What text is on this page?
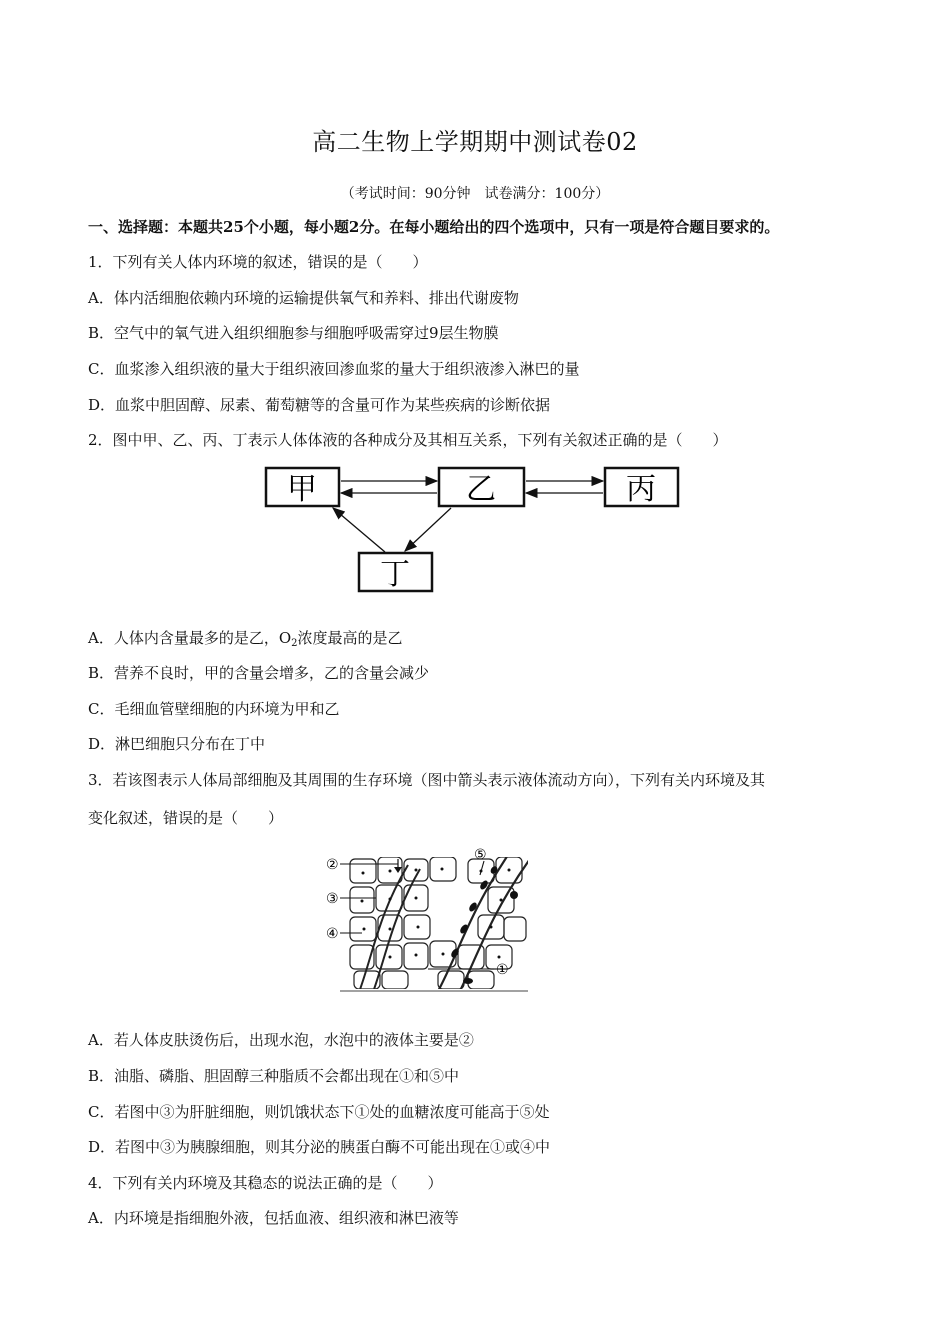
高二生物上学期期中测试卷02
（考试时间：90分钟　试卷满分：100分）
一、选择题：本题共25个小题，每小题2分。在每小题给出的四个选项中，只有一项是符合题目要求的。
1．下列有关人体内环境的叙述，错误的是（　　）
A．体内活细胞依赖内环境的运输提供氧气和养料、排出代谢废物
B．空气中的氧气进入组织细胞参与细胞呼吸需穿过9层生物膜
C．血浆渗入组织液的量大于组织液回渗血浆的量大于组织液渗入淋巴的量
D．血浆中胆固醇、尿素、葡萄糖等的含量可作为某些疾病的诊断依据
2．图中甲、乙、丙、丁表示人体体液的各种成分及其相互关系，下列有关叙述正确的是（　　）
甲	乙	丙
丁
A．人体内含量最多的是乙，$O_2$浓度最高的是乙
B．营养不良时，甲的含量会增多，乙的含量会减少
C．毛细血管壁细胞的内环境为甲和乙
D．淋巴细胞只分布在丁中
3．若该图表示人体局部细胞及其周围的生存环境（图中箭头表示液体流动方向），下列有关内环境及其
变化叙述，错误的是（　　）
②
③
④
⑤
①
A．若人体皮肤烫伤后，出现水泡，水泡中的液体主要是②
B．油脂、磷脂、胆固醇三种脂质不会都出现在①和⑤中
C．若图中③为肝脏细胞，则饥饿状态下①处的血糖浓度可能高于⑤处
D．若图中③为胰腺细胞，则其分泌的胰蛋白酶不可能出现在①或④中
4．下列有关内环境及其稳态的说法正确的是（　　）
A．内环境是指细胞外液，包括血液、组织液和淋巴液等
